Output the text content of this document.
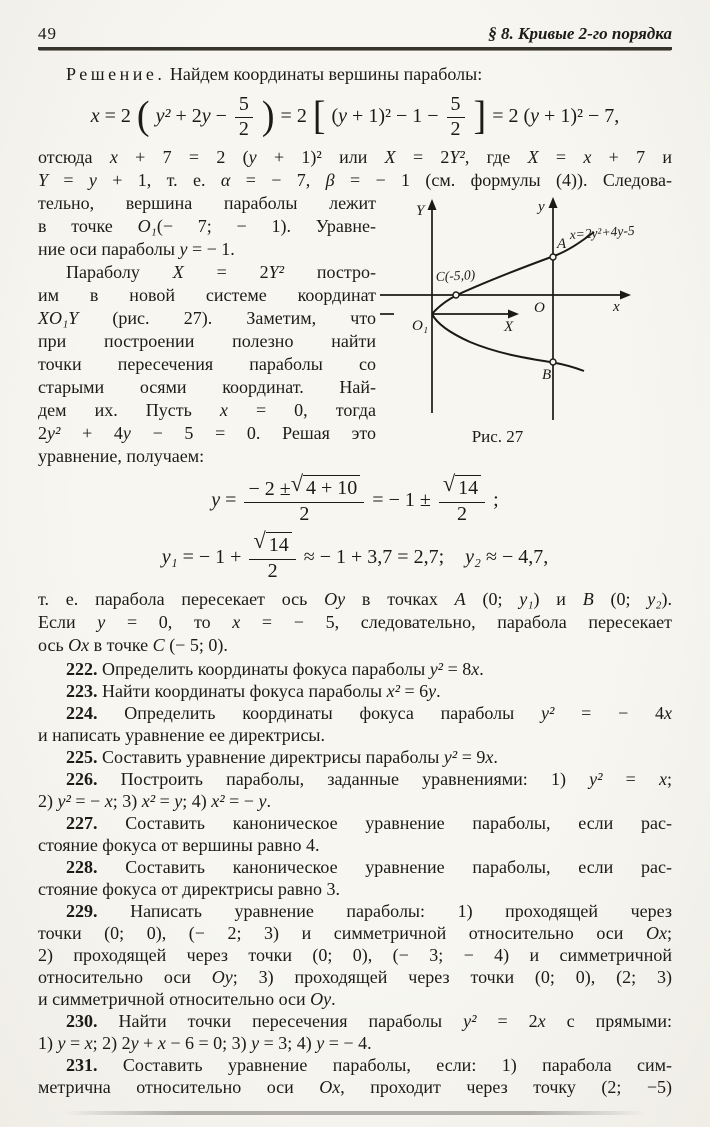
49	§ 8. Кривые 2-го порядка
Решение. Найдем координаты вершины параболы:
x = 2 ( $y^2 + 2y - \frac{5}{2}$ ) = 2 [ $(y + 1)^2 - 1 - \frac{5}{2}$ ] = 2 (y + 1)² − 7,
отсюда x + 7 = 2 (y + 1)² или X = 2Y², где X = x + 7 и
Y = y + 1, т. е. α = − 7, β = − 1 (см. формулы (4)). Следова-
тельно, вершина параболы лежит
в точке O₁(− 7; − 1). Уравне-
ние оси параболы y = − 1.
Параболу X = 2Y² постро-
им в новой системе координат
XO₁Y (рис. 27). Заметим, что
при построении полезно найти
точки пересечения параболы со
старыми осями координат. Най-
дем их. Пусть x = 0, тогда
2y² + 4y − 5 = 0. Решая это
уравнение, получаем:
Y	y
X
x
O
O₁
A
B
C(-5,0)
x=2y²+4y-5
Рис. 27
$y = \frac{- 2 \pm √ 4 + 10}{2}$ = − $1 \pm \frac{√ 14}{2}$ ;
y₁ = − $1 + \frac{√ 14}{2}$ ≈ − 1 + 3,7 = 2,7; y₂ ≈ − 4,7,
т. е. парабола пересекает ось Oy в точках A (0; y₁) и B (0; y₂).
Если y = 0, то x = − 5, следовательно, парабола пересекает
ось Ox в точке C (− 5; 0).
222. Определить координаты фокуса параболы y² = 8x.
223. Найти координаты фокуса параболы x² = 6y.
224. Определить координаты фокуса параболы y² = − 4x
и написать уравнение ее директрисы.
225. Составить уравнение директрисы параболы y² = 9x.
226. Построить параболы, заданные уравнениями: 1) y² = x;
2) y² = − x; 3) x² = y; 4) x² = − y.
227. Составить каноническое уравнение параболы, если рас-
стояние фокуса от вершины равно 4.
228. Составить каноническое уравнение параболы, если рас-
стояние фокуса от директрисы равно 3.
229. Написать уравнение параболы: 1) проходящей через
точки (0; 0), (− 2; 3) и симметричной относительно оси Ox;
2) проходящей через точки (0; 0), (− 3; − 4) и симметричной
относительно оси Oy; 3) проходящей через точки (0; 0), (2; 3)
и симметричной относительно оси Oy.
230. Найти точки пересечения параболы y² = 2x с прямыми:
1) y = x; 2) 2y + x − 6 = 0; 3) y = 3; 4) y = − 4.
231. Составить уравнение параболы, если: 1) парабола сим-
метрична относительно оси Ox, проходит через точку (2; −5)
